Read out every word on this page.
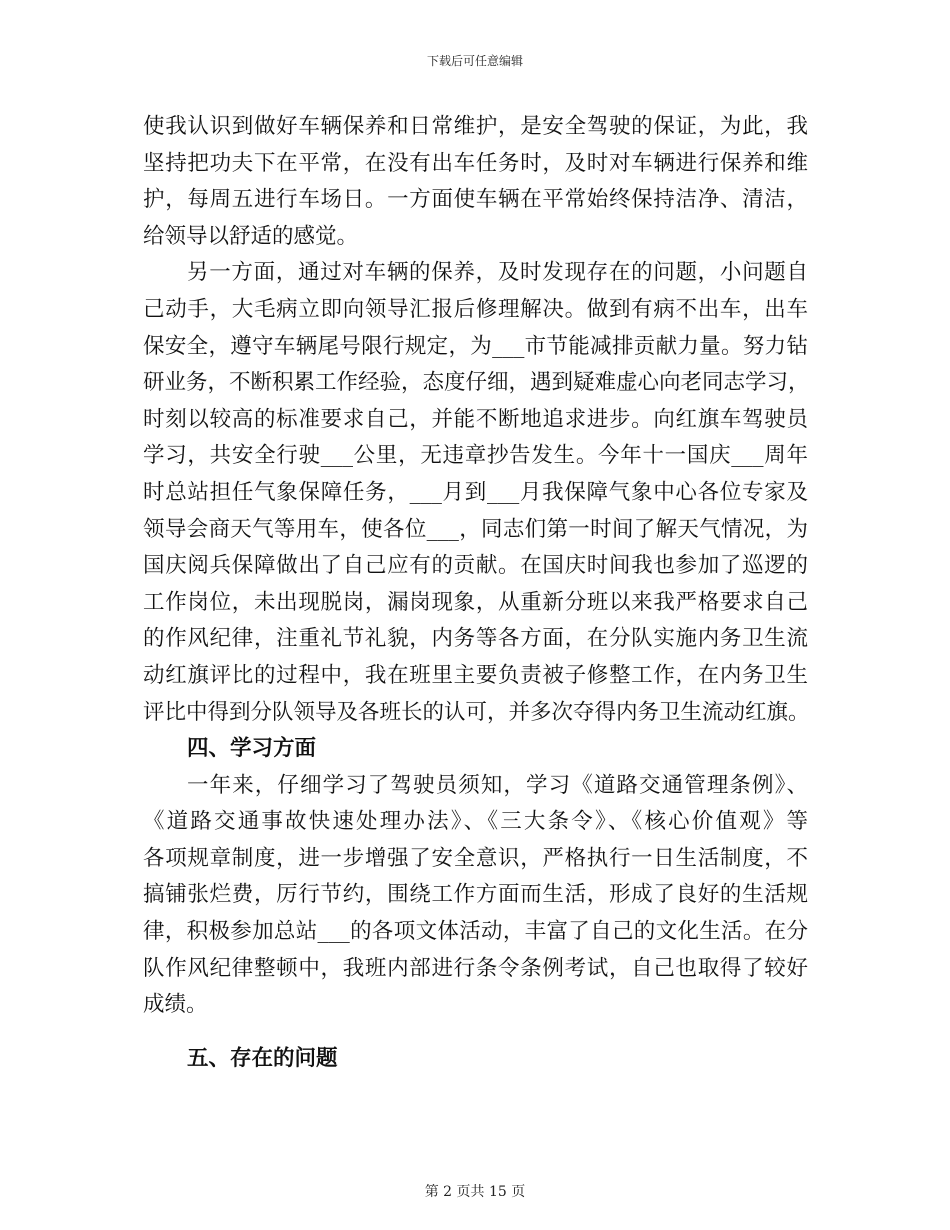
下载后可任意编辑
使我认识到做好车辆保养和日常维护，是安全驾驶的保证，为此，我
坚持把功夫下在平常，在没有出车任务时，及时对车辆进行保养和维
护，每周五进行车场日。一方面使车辆在平常始终保持洁净、清洁，
给领导以舒适的感觉。
另一方面，通过对车辆的保养，及时发现存在的问题，小问题自
己动手，大毛病立即向领导汇报后修理解决。做到有病不出车，出车
保安全，遵守车辆尾号限行规定，为___市节能减排贡献力量。努力钻
研业务，不断积累工作经验，态度仔细，遇到疑难虚心向老同志学习，
时刻以较高的标准要求自己，并能不断地追求进步。向红旗车驾驶员
学习，共安全行驶___公里，无违章抄告发生。今年十一国庆___周年
时总站担任气象保障任务，___月到___月我保障气象中心各位专家及
领导会商天气等用车，使各位___，同志们第一时间了解天气情况，为
国庆阅兵保障做出了自己应有的贡献。在国庆时间我也参加了巡逻的
工作岗位，未出现脱岗，漏岗现象，从重新分班以来我严格要求自己
的作风纪律，注重礼节礼貌，内务等各方面，在分队实施内务卫生流
动红旗评比的过程中，我在班里主要负责被子修整工作，在内务卫生
评比中得到分队领导及各班长的认可，并多次夺得内务卫生流动红旗。
四、学习方面
一年来，仔细学习了驾驶员须知，学习《道路交通管理条例》、
《道路交通事故快速处理办法》、《三大条令》、《核心价值观》等
各项规章制度，进一步增强了安全意识，严格执行一日生活制度，不
搞铺张烂费，厉行节约，围绕工作方面而生活，形成了良好的生活规
律，积极参加总站___的各项文体活动，丰富了自己的文化生活。在分
队作风纪律整顿中，我班内部进行条令条例考试，自己也取得了较好
成绩。
五、存在的问题
第 2 页共 15 页
